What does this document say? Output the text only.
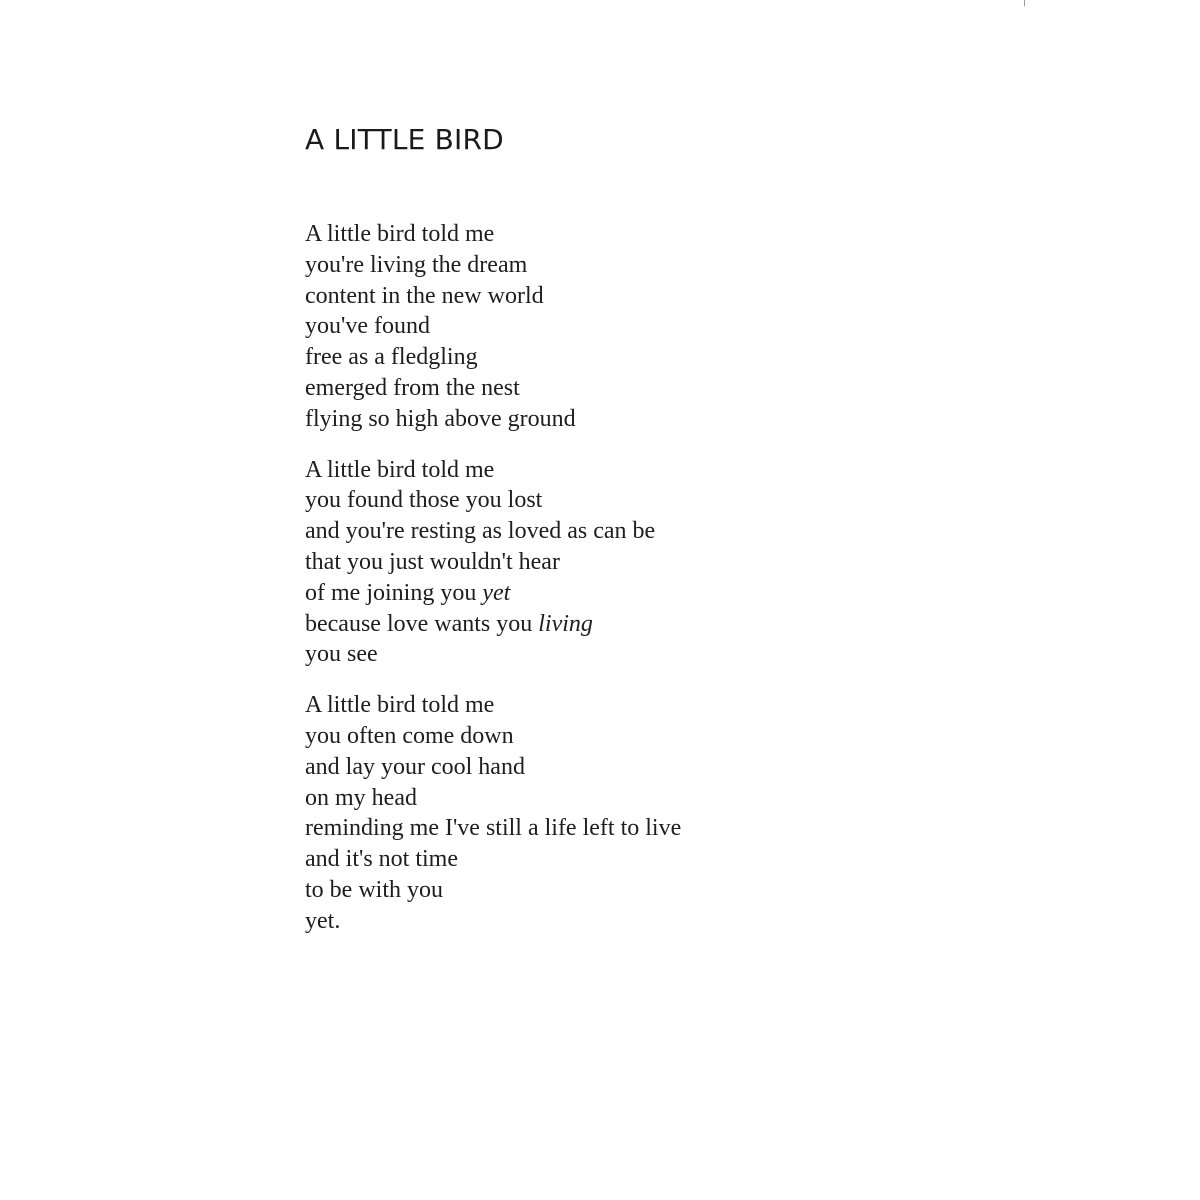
A LITTLE BIRD
A little bird told me
you're living the dream
content in the new world
you've found
free as a fledgling
emerged from the nest
flying so high above ground
A little bird told me
you found those you lost
and you're resting as loved as can be
that you just wouldn't hear
of me joining you yet
because love wants you living
you see
A little bird told me
you often come down
and lay your cool hand
on my head
reminding me I've still a life left to live
and it's not time
to be with you
yet.
